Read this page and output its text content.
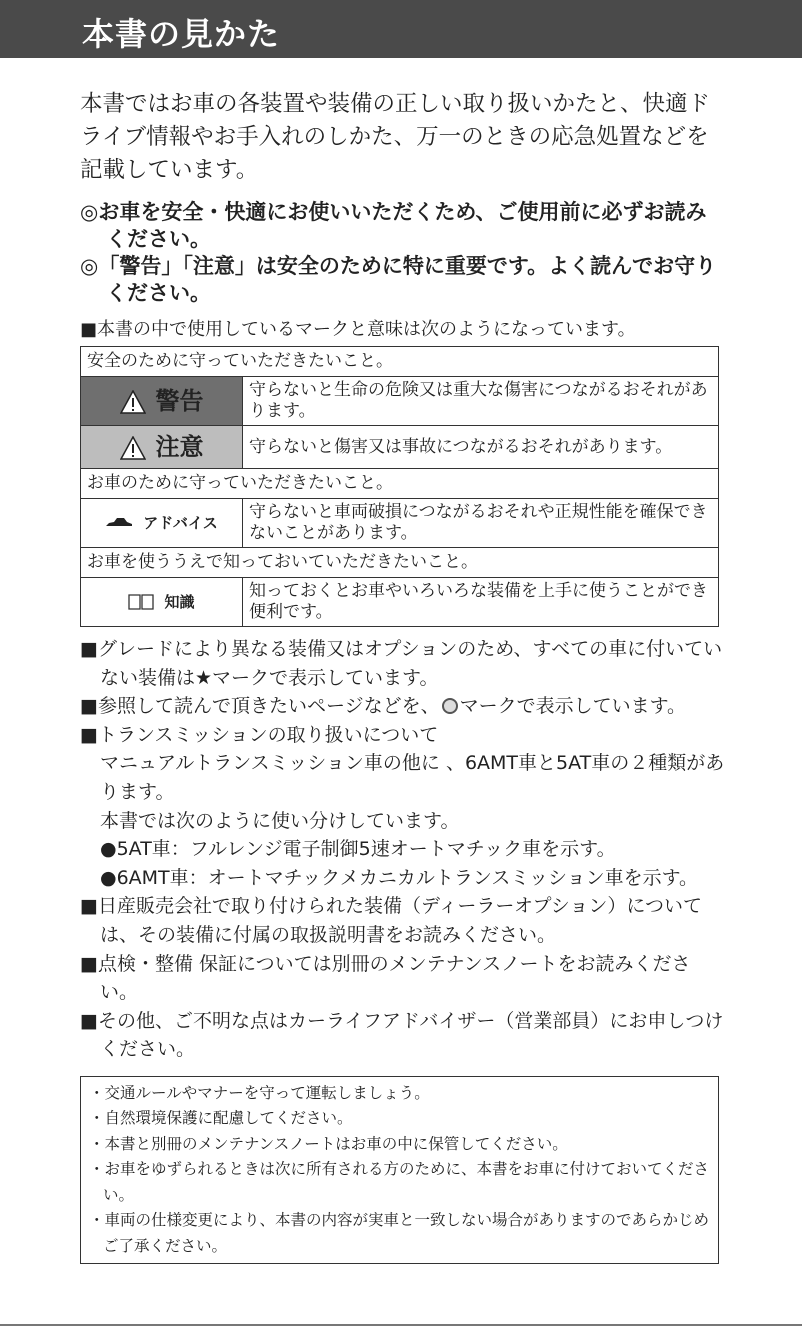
本書の見かた
本書ではお車の各装置や装備の正しい取り扱いかたと、快適ドライブ情報やお手入れのしかた、万一のときの応急処置などを記載しています。

◎お車を安全・快適にお使いいただくため、ご使用前に必ずお読みください。

◎「警告」「注意」は安全のために特に重要です。よく読んでお守りください。

■本書の中で使用しているマークと意味は次のようになっています。
安全のために守っていただきたいこと。	
警告	守らないと生命の危険又は重大な傷害につながるおそれがあります。
注意	守らないと傷害又は事故につながるおそれがあります。
お車のために守っていただきたいこと。	
アドバイス	守らないと車両破損につながるおそれや正規性能を確保できないことがあります。
お車を使ううえで知っておいていただきたいこと。	
知識	知っておくとお車やいろいろな装備を上手に使うことができ便利です。

■グレードにより異なる装備又はオプションのため、すべての車に付いていない装備は★マークで表示しています。

■参照して読んで頂きたいページなどを、 マークで表示しています。

■トランスミッションの取り扱いについて

マニュアルトランスミッション車の他に 、6AMT車と5AT車の２種類があります。

本書では次のように使い分けしています。

●5AT車：フルレンジ電子制御5速オートマチック車を示す。

●6AMT車：オートマチックメカニカルトランスミッション車を示す。

■日産販売会社で取り付けられた装備（ディーラーオプション）については、その装備に付属の取扱説明書をお読みください。

■点検・整備 保証については別冊のメンテナンスノートをお読みください。

■その他、ご不明な点はカーライフアドバイザー（営業部員）にお申しつけください。

・交通ルールやマナーを守って運転しましょう。

・自然環境保護に配慮してください。

・本書と別冊のメンテナンスノートはお車の中に保管してください。

・お車をゆずられるときは次に所有される方のために、本書をお車に付けておいてください。

・車両の仕様変更により、本書の内容が実車と一致しない場合がありますのであらかじめご了承ください。
